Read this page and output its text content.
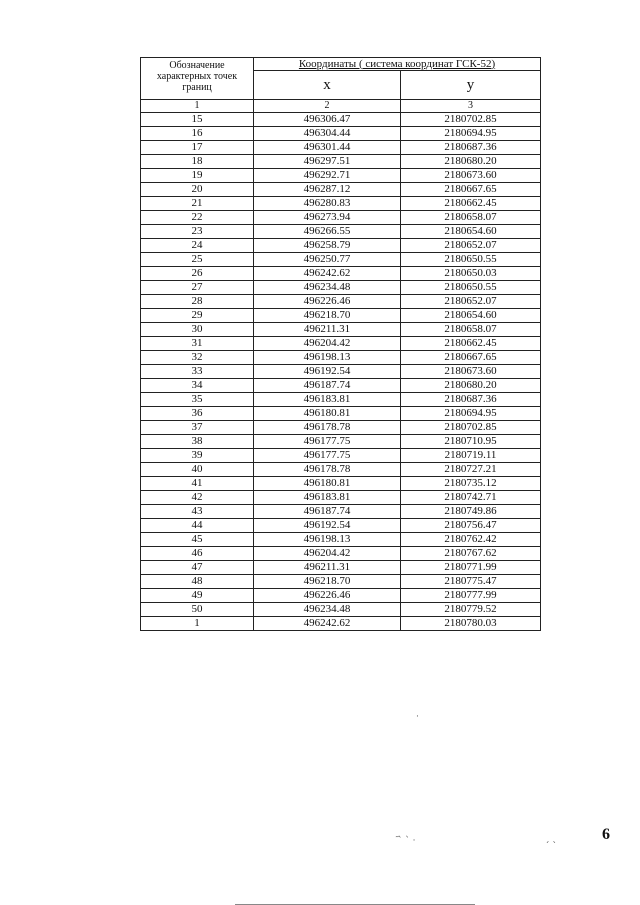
Обозначение характерных точек границ	Координаты ( система координат ГСК-52)	
	x	y
1	2	3
15	496306.47	2180702.85
16	496304.44	2180694.95
17	496301.44	2180687.36
18	496297.51	2180680.20
19	496292.71	2180673.60
20	496287.12	2180667.65
21	496280.83	2180662.45
22	496273.94	2180658.07
23	496266.55	2180654.60
24	496258.79	2180652.07
25	496250.77	2180650.55
26	496242.62	2180650.03
27	496234.48	2180650.55
28	496226.46	2180652.07
29	496218.70	2180654.60
30	496211.31	2180658.07
31	496204.42	2180662.45
32	496198.13	2180667.65
33	496192.54	2180673.60
34	496187.74	2180680.20
35	496183.81	2180687.36
36	496180.81	2180694.95
37	496178.78	2180702.85
38	496177.75	2180710.95
39	496177.75	2180719.11
40	496178.78	2180727.21
41	496180.81	2180735.12
42	496183.81	2180742.71
43	496187.74	2180749.86
44	496192.54	2180756.47
45	496198.13	2180762.42
46	496204.42	2180767.62
47	496211.31	2180771.99
48	496218.70	2180775.47
49	496226.46	2180777.99
50	496234.48	2180779.52
1	496242.62	2180780.03
6
˜ ̀ ˋ ·	ˏ ˎ
·
